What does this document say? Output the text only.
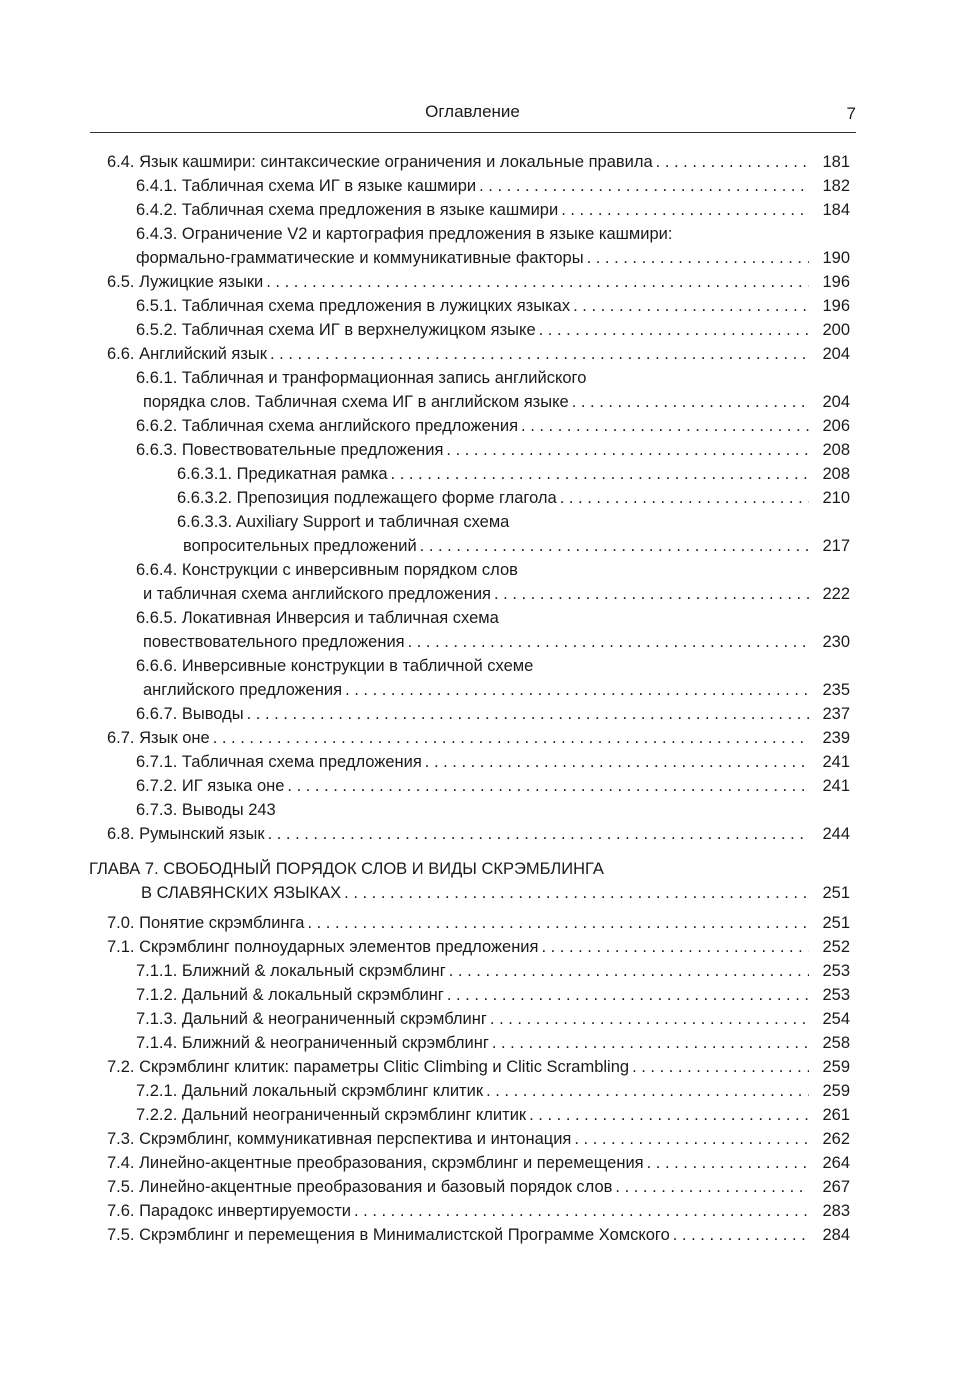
Оглавление	7
6.4. Язык кашмири: синтаксические ограничения и локальные правила . . .	181
6.4.1. Табличная схема ИГ в языке кашмири . . .	182
6.4.2. Табличная схема предложения в языке кашмири . . .	184
6.4.3. Ограничение V2 и картография предложения в языке кашмири:
формально-грамматические и коммуникативные факторы . . .	190
6.5. Лужицкие языки . . .	196
6.5.1. Табличная схема предложения в лужицких языках . . .	196
6.5.2. Табличная схема ИГ в верхнелужицком языке . . .	200
6.6. Английский язык . . .	204
6.6.1. Табличная и транформационная запись английского
порядка слов. Табличная схема ИГ в английском языке . . .	204
6.6.2. Табличная схема английского предложения . . .	206
6.6.3. Повествовательные предложения . . .	208
6.6.3.1. Предикатная рамка . . .	208
6.6.3.2. Препозиция подлежащего форме глагола . . .	210
6.6.3.3. Auxiliary Support и табличная схема
вопросительных предложений . . .	217
6.6.4. Конструкции с инверсивным порядком слов
и табличная схема английского предложения . . .	222
6.6.5. Локативная Инверсия и табличная схема
повествовательного предложения . . .	230
6.6.6. Инверсивные конструкции в табличной схеме
английского предложения . . .	235
6.6.7. Выводы . . .	237
6.7. Язык оне . . .	239
6.7.1. Табличная схема предложения . . .	241
6.7.2. ИГ языка оне . . .	241
6.7.3. Выводы 243
6.8. Румынский язык . . .	244
ГЛАВА 7. СВОБОДНЫЙ ПОРЯДОК СЛОВ И ВИДЫ СКРЭМБЛИНГА
В СЛАВЯНСКИХ ЯЗЫКАХ . . .	251
7.0. Понятие скрэмблинга . . .	251
7.1. Скрэмблинг полноударных элементов предложения . . .	252
7.1.1. Ближний & локальный скрэмблинг . . .	253
7.1.2. Дальний & локальный скрэмблинг . . .	253
7.1.3. Дальний & неограниченный скрэмблинг . . .	254
7.1.4. Ближний & неограниченный скрэмблинг . . .	258
7.2. Скрэмблинг клитик: параметры Clitic Climbing и Clitic Scrambling . . .	259
7.2.1. Дальний локальный скрэмблинг клитик . . .	259
7.2.2. Дальний неограниченный скрэмблинг клитик . . .	261
7.3. Скрэмблинг, коммуникативная перспектива и интонация . . .	262
7.4. Линейно-акцентные преобразования, скрэмблинг и перемещения . . .	264
7.5. Линейно-акцентные преобразования и базовый порядок слов . . .	267
7.6. Парадокс инвертируемости . . .	283
7.5. Скрэмблинг и перемещения в Минималистской Программе Хомского . . .	284
